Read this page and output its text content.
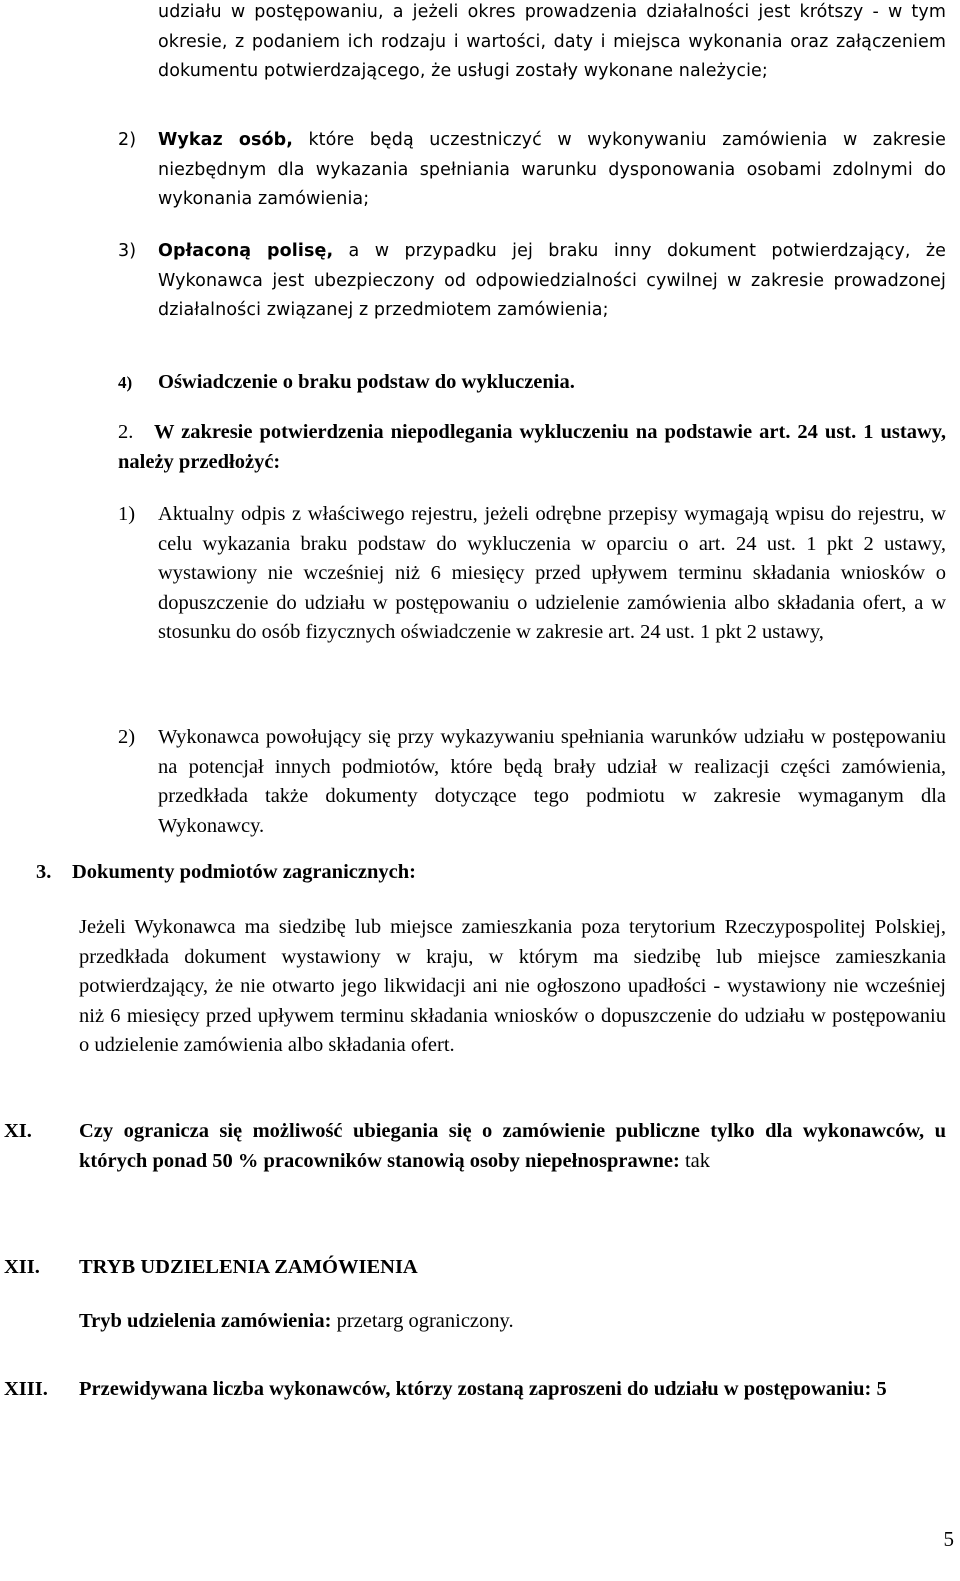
udziału w postępowaniu, a jeżeli okres prowadzenia działalności jest krótszy - w tym okresie, z podaniem ich rodzaju i wartości, daty i miejsca wykonania oraz załączeniem dokumentu potwierdzającego, że usługi zostały wykonane należycie;
2) Wykaz osób, które będą uczestniczyć w wykonywaniu zamówienia w zakresie niezbędnym dla wykazania spełniania warunku dysponowania osobami zdolnymi do wykonania zamówienia;
3) Opłaconą polisę, a w przypadku jej braku inny dokument potwierdzający, że Wykonawca jest ubezpieczony od odpowiedzialności cywilnej w zakresie prowadzonej działalności związanej z przedmiotem zamówienia;
4) Oświadczenie o braku podstaw do wykluczenia.
2.	W zakresie potwierdzenia niepodlegania wykluczeniu na podstawie art. 24 ust. 1 ustawy, należy przedłożyć:
1) Aktualny odpis z właściwego rejestru, jeżeli odrębne przepisy wymagają wpisu do rejestru, w celu wykazania braku podstaw do wykluczenia w oparciu o art. 24 ust. 1 pkt 2 ustawy, wystawiony nie wcześniej niż 6 miesięcy przed upływem terminu składania wniosków o dopuszczenie do udziału w postępowaniu o udzielenie zamówienia albo składania ofert, a w stosunku do osób fizycznych oświadczenie w zakresie art. 24 ust. 1 pkt 2 ustawy,
2) Wykonawca powołujący się przy wykazywaniu spełniania warunków udziału w postępowaniu na potencjał innych podmiotów, które będą brały udział w realizacji części zamówienia, przedkłada także dokumenty dotyczące tego podmiotu w zakresie wymaganym dla Wykonawcy.
3. Dokumenty podmiotów zagranicznych:
Jeżeli Wykonawca ma siedzibę lub miejsce zamieszkania poza terytorium Rzeczypospolitej Polskiej, przedkłada dokument wystawiony w kraju, w którym ma siedzibę lub miejsce zamieszkania potwierdzający, że nie otwarto jego likwidacji ani nie ogłoszono upadłości - wystawiony nie wcześniej niż 6 miesięcy przed upływem terminu składania wniosków o dopuszczenie do udziału w postępowaniu o udzielenie zamówienia albo składania ofert.
XI. Czy ogranicza się możliwość ubiegania się o zamówienie publiczne tylko dla wykonawców, u których ponad 50 % pracowników stanowią osoby niepełnosprawne: tak
XII. TRYB UDZIELENIA ZAMÓWIENIA
Tryb udzielenia zamówienia: przetarg ograniczony.
XIII. Przewidywana liczba wykonawców, którzy zostaną zaproszeni do udziału w postępowaniu: 5
5
